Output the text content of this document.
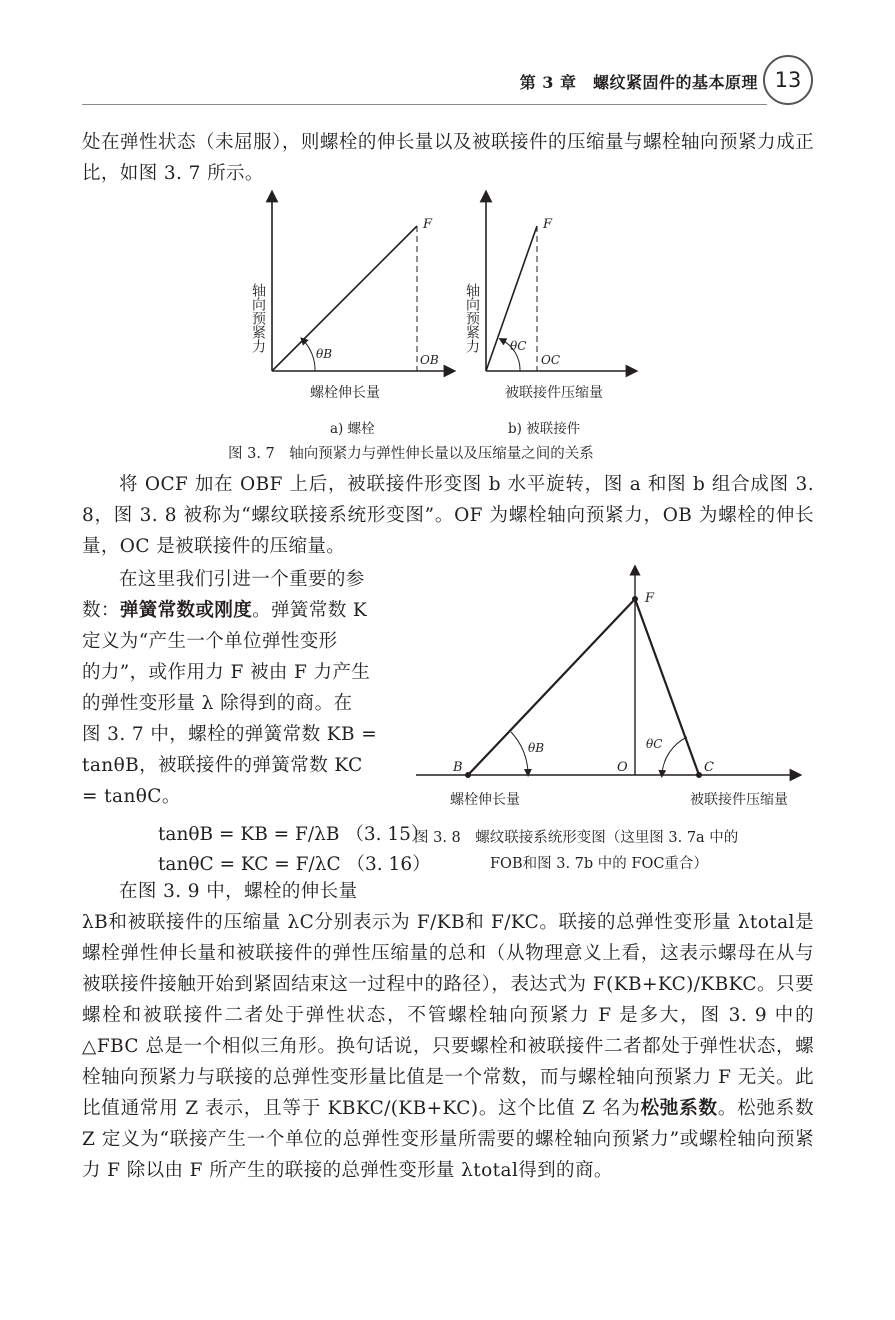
第 3 章　螺纹紧固件的基本原理 13
处在弹性状态（未屈服），则螺栓的伸长量以及被联接件的压缩量与螺栓轴向预紧力成正比，如图 3. 7 所示。
轴向预紧力
F
θB	OB
螺栓伸长量
a) 螺栓
轴向预紧力
F
θC
OC
被联接件压缩量
b) 被联接件
图 3. 7　轴向预紧力与弹性伸长量以及压缩量之间的关系
将 OCF 加在 OBF 上后，被联接件形变图 b 水平旋转，图 a 和图 b 组合成图 3. 8，图 3. 8 被称为“螺纹联接系统形变图”。OF 为螺栓轴向预紧力，OB 为螺栓的伸长量，OC 是被联接件的压缩量。
在这里我们引进一个重要的参
数：弹簧常数或刚度。弹簧常数 K
定义为“产生一个单位弹性变形
的力”，或作用力 F 被由 F 力产生
的弹性变形量 λ 除得到的商。在
图 3. 7 中，螺栓的弹簧常数 KB =
tanθB，被联接件的弹簧常数 KC
= tanθC。
tanθB = KB = F/λB （3. 15）
tanθC = KC = F/λC （3. 16）
F
B	O	C
θB	θC
螺栓伸长量	被联接件压缩量
图 3. 8　螺纹联接系统形变图（这里图 3. 7a 中的
FOB和图 3. 7b 中的 FOC重合）
在图 3. 9 中，螺栓的伸长量
λB和被联接件的压缩量 λC分别表示为 F/KB和 F/KC。联接的总弹性变形量 λtotal是螺栓弹性伸长量和被联接件的弹性压缩量的总和（从物理意义上看，这表示螺母在从与被联接件接触开始到紧固结束这一过程中的路径），表达式为 F(KB+KC)/KBKC。只要螺栓和被联接件二者处于弹性状态，不管螺栓轴向预紧力 F 是多大，图 3. 9 中的△FBC 总是一个相似三角形。换句话说，只要螺栓和被联接件二者都处于弹性状态，螺栓轴向预紧力与联接的总弹性变形量比值是一个常数，而与螺栓轴向预紧力 F 无关。此比值通常用 Z 表示，且等于 KBKC/(KB+KC)。这个比值 Z 名为松弛系数。松弛系数 Z 定义为“联接产生一个单位的总弹性变形量所需要的螺栓轴向预紧力”或螺栓轴向预紧力 F 除以由 F 所产生的联接的总弹性变形量 λtotal得到的商。
